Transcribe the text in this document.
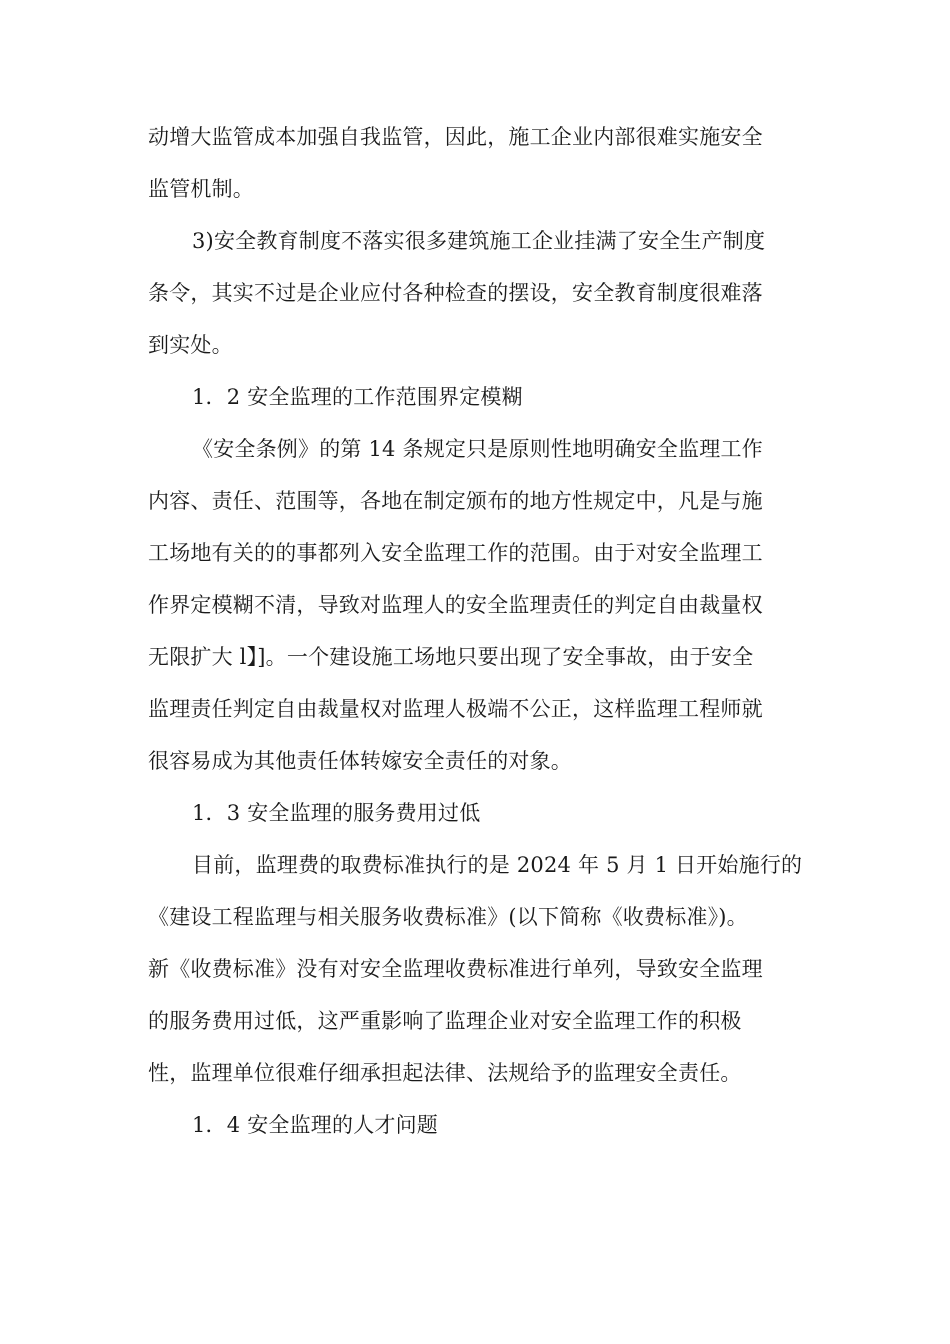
动增大监管成本加强自我监管，因此，施工企业内部很难实施安全
监管机制。
3)安全教育制度不落实很多建筑施工企业挂满了安全生产制度
条令，其实不过是企业应付各种检查的摆设，安全教育制度很难落
到实处。
1．2 安全监理的工作范围界定模糊
《安全条例》的第 14 条规定只是原则性地明确安全监理工作
内容、责任、范围等，各地在制定颁布的地方性规定中，凡是与施
工场地有关的的事都列入安全监理工作的范围。由于对安全监理工
作界定模糊不清，导致对监理人的安全监理责任的判定自由裁量权
无限扩大 l】]。一个建设施工场地只要出现了安全事故，由于安全
监理责任判定自由裁量权对监理人极端不公正，这样监理工程师就
很容易成为其他责任体转嫁安全责任的对象。
1．3 安全监理的服务费用过低
目前，监理费的取费标准执行的是 2024 年 5 月 1 日开始施行的
《建设工程监理与相关服务收费标准》(以下简称《收费标准》)。
新《收费标准》没有对安全监理收费标准进行单列，导致安全监理
的服务费用过低，这严重影响了监理企业对安全监理工作的积极
性，监理单位很难仔细承担起法律、法规给予的监理安全责任。
1．4 安全监理的人才问题
